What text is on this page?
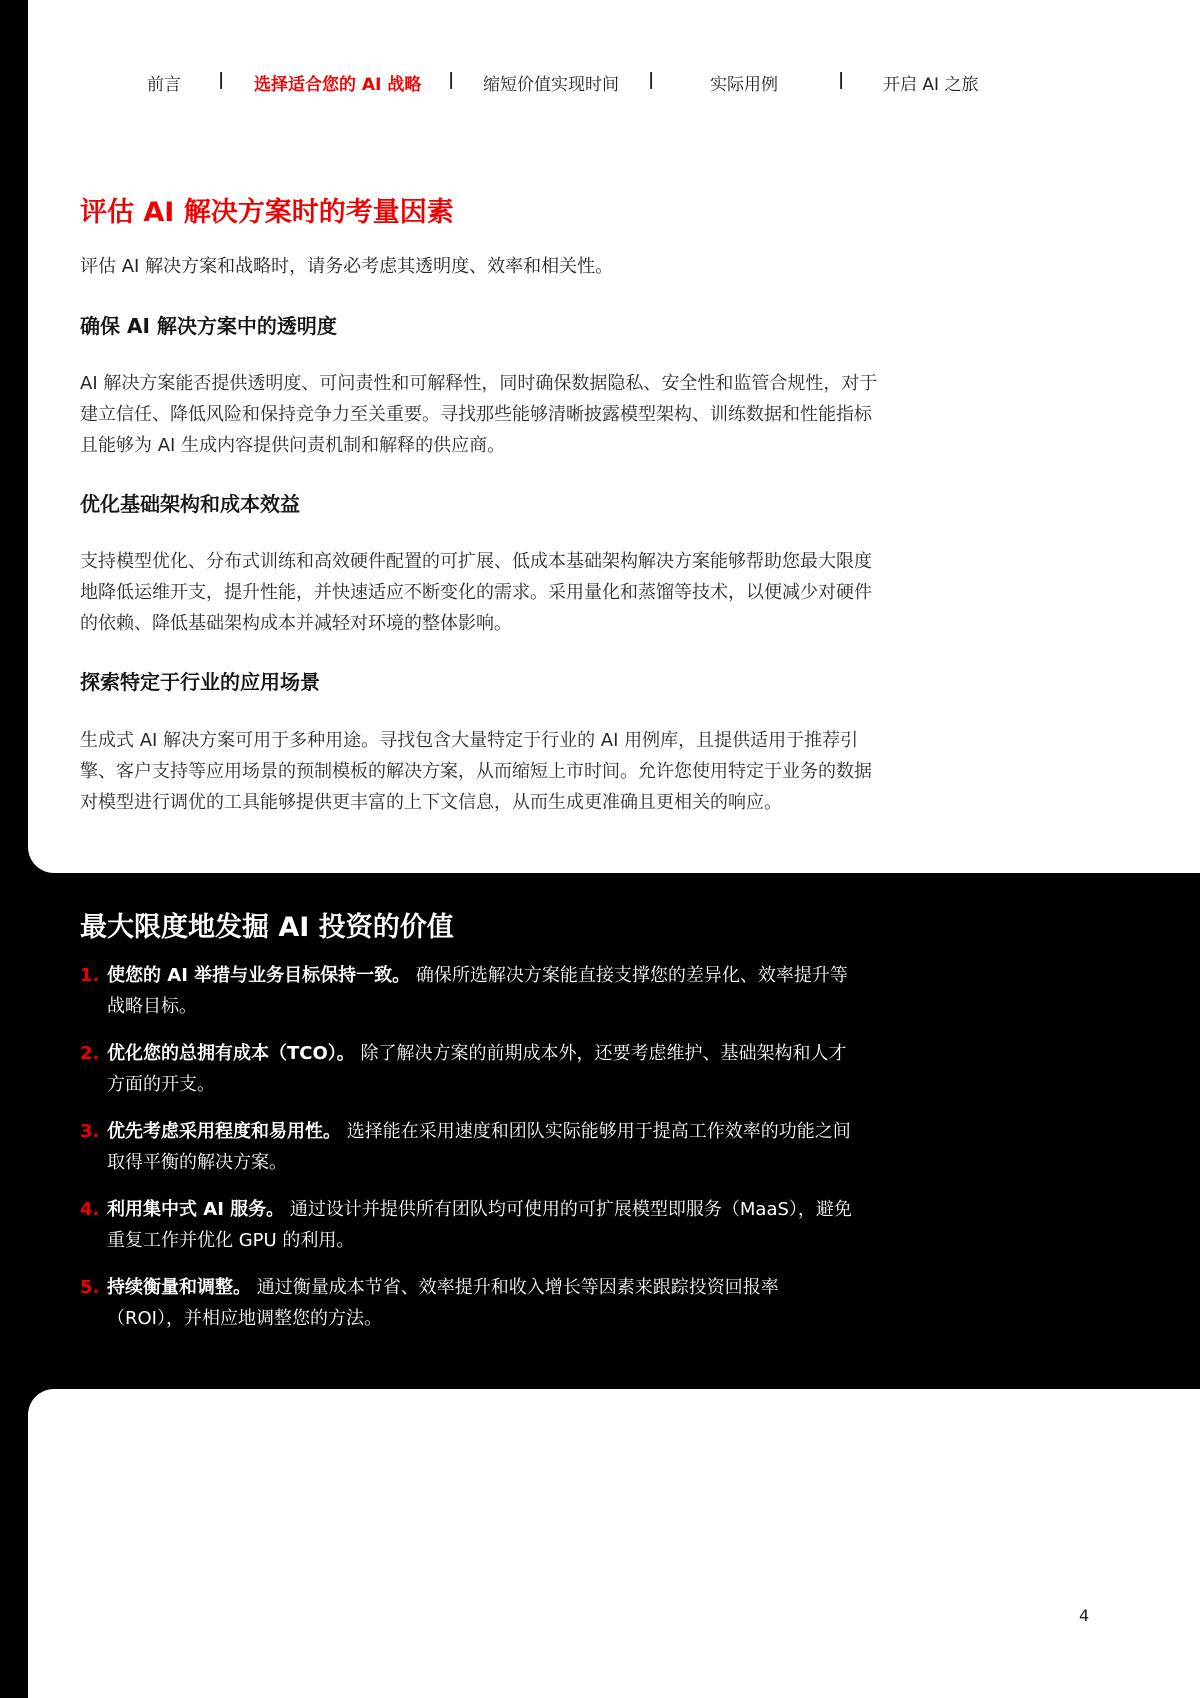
前言 | 选择适合您的 AI 战略 | 缩短价值实现时间 |	实际用例	| 开启 AI 之旅
4
评估 AI 解决方案时的考量因素

评估 AI 解决方案和战略时，请务必考虑其透明度、效率和相关性。

确保 AI 解决方案中的透明度
AI 解决方案能否提供透明度、可问责性和可解释性，同时确保数据隐私、安全性和监管合规性，对于
建立信任、降低风险和保持竞争力至关重要。寻找那些能够清晰披露模型架构、训练数据和性能指标
且能够为 AI 生成内容提供问责机制和解释的供应商。
优化基础架构和成本效益
支持模型优化、分布式训练和高效硬件配置的可扩展、低成本基础架构解决方案能够帮助您最大限度
地降低运维开支，提升性能，并快速适应不断变化的需求。采用量化和蒸馏等技术，以便减少对硬件
的依赖、降低基础架构成本并减轻对环境的整体影响。
探索特定于行业的应用场景
生成式 AI 解决方案可用于多种用途。寻找包含大量特定于行业的 AI 用例库，且提供适用于推荐引
擎、客户支持等应用场景的预制模板的解决方案，从而缩短上市时间。允许您使用特定于业务的数据
对模型进行调优的工具能够提供更丰富的上下文信息，从而生成更准确且更相关的响应。
最大限度地发掘 AI 投资的价值
1. 使您的 AI 举措与业务目标保持一致。 确保所选解决方案能直接支撑您的差异化、效率提升等
战略目标。
2. 优化您的总拥有成本（TCO）。 除了解决方案的前期成本外，还要考虑维护、基础架构和人才
方面的开支。
3. 优先考虑采用程度和易用性。 选择能在采用速度和团队实际能够用于提高工作效率的功能之间
取得平衡的解决方案。
4. 利用集中式 AI 服务。 通过设计并提供所有团队均可使用的可扩展模型即服务（MaaS），避免
重复工作并优化 GPU 的利用。
5. 持续衡量和调整。 通过衡量成本节省、效率提升和收入增长等因素来跟踪投资回报率
（ROI），并相应地调整您的方法。
